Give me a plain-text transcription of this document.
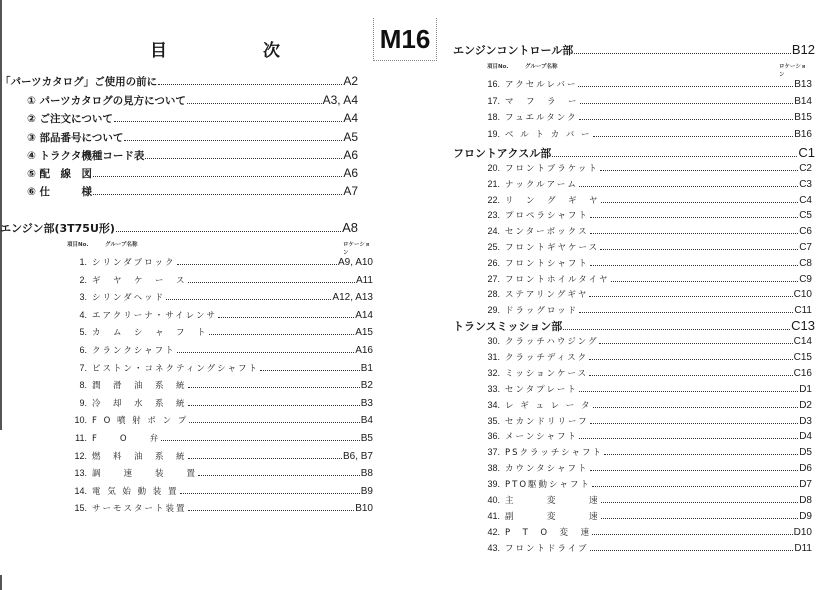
M16
目	次
「パーツカタログ」ご使用の前に	A2
① パーツカタログの見方について	A3, A4
② ご注文について	A4
③ 部品番号について	A5
④ トラクタ機種コード表	A6
⑤ 配　線　図	A6
⑥ 仕　　　様	A7
エンジン部(3T75U形)	A8
項目No.	グループ名称	ロケーション
1. シリンダブロック	A9, A10
2. ギ　ヤ　ケ　ー　ス	A11
3. シリンダヘッド	A12, A13
4. エアクリーナ・サイレンサ	A14
5. カ　ム　シ　ャ　フ　ト	A15
6. クランクシャフト	A16
7. ピストン・コネクティングシャフト	B1
8. 潤　滑　油　系　統	B2
9. 冷　却　水　系　統	B3
10. F O 噴 射 ポ ン プ	B4
11. F　　O　　弁	B5
12. 燃　料　油　系　統	B6, B7
13. 調　　速　　装　　置	B8
14. 電 気 始 動 装 置	B9
15. サーモスタート装置	B10
エンジンコントロール部	B12
項目No.	グループ名称	ロケーション
16. アクセルレバー	B13
17. マ　フ　ラ　ー	B14
18. フュエルタンク	B15
19. ベ ル ト カ バ ー	B16
フロントアクスル部	C1
20. フロントブラケット	C2
21. ナックルアーム	C3
22. リ　ン　グ　ギ　ヤ	C4
23. プロペラシャフト	C5
24. センターボックス	C6
25. フロントギヤケース	C7
26. フロントシャフト	C8
27. フロントホイルタイヤ	C9
28. ステアリングギヤ	C10
29. ドラッグロッド	C11
トランスミッション部	C13
30. クラッチハウジング	C14
31. クラッチディスク	C15
32. ミッションケース	C16
33. センタプレート	D1
34. レ ギ ュ レ ー タ	D2
35. セカンドリリーフ	D3
36. メーンシャフト	D4
37. PSクラッチシャフト	D5
38. カウンタシャフト	D6
39. PTO駆動シャフト	D7
40. 主　　　変　　　速	D8
41. 副　　　変　　　速	D9
42. P　T　O　変　速	D10
43. フロントドライブ	D11
